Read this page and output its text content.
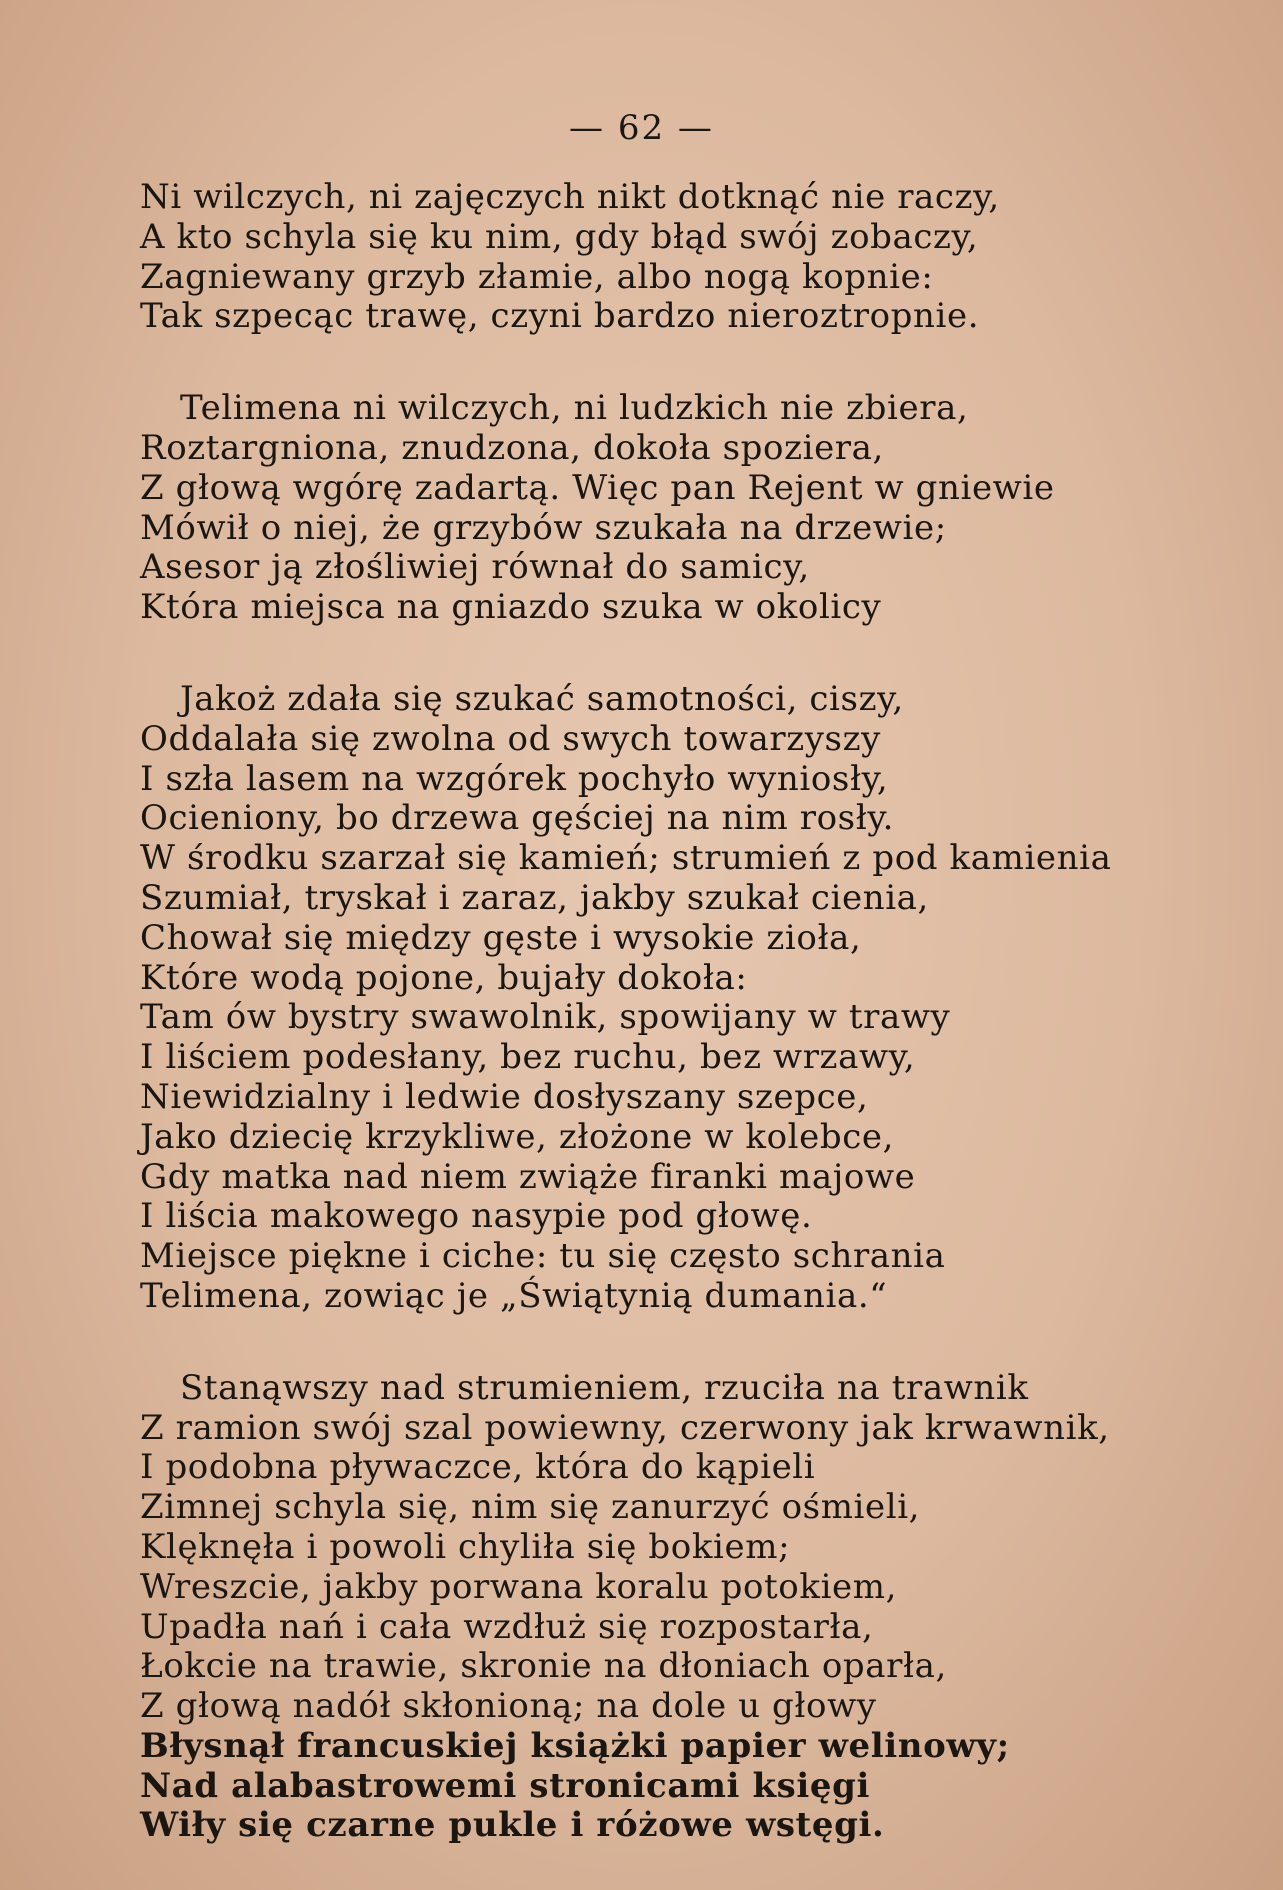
— 62 —
Ni wilczych, ni zajęczych nikt dotknąć nie raczy,
A kto schyla się ku nim, gdy błąd swój zobaczy,
Zagniewany grzyb złamie, albo nogą kopnie:
Tak szpecąc trawę, czyni bardzo nieroztropnie.
Telimena ni wilczych, ni ludzkich nie zbiera,
Roztargniona, znudzona, dokoła spoziera,
Z głową wgórę zadartą. Więc pan Rejent w gniewie
Mówił o niej, że grzybów szukała na drzewie;
Asesor ją złośliwiej równał do samicy,
Która miejsca na gniazdo szuka w okolicy
Jakoż zdała się szukać samotności, ciszy,
Oddalała się zwolna od swych towarzyszy
I szła lasem na wzgórek pochyło wyniosły,
Ocieniony, bo drzewa gęściej na nim rosły.
W środku szarzał się kamień; strumień z pod kamienia
Szumiał, tryskał i zaraz, jakby szukał cienia,
Chował się między gęste i wysokie zioła,
Które wodą pojone, bujały dokoła:
Tam ów bystry swawolnik, spowijany w trawy
I liściem podesłany, bez ruchu, bez wrzawy,
Niewidzialny i ledwie dosłyszany szepce,
Jako dziecię krzykliwe, złożone w kolebce,
Gdy matka nad niem zwiąże firanki majowe
I liścia makowego nasypie pod głowę.
Miejsce piękne i ciche: tu się często schrania
Telimena, zowiąc je „Świątynią dumania.“
Stanąwszy nad strumieniem, rzuciła na trawnik
Z ramion swój szal powiewny, czerwony jak krwawnik,
I podobna pływaczce, która do kąpieli
Zimnej schyla się, nim się zanurzyć ośmieli,
Klęknęła i powoli chyliła się bokiem;
Wreszcie, jakby porwana koralu potokiem,
Upadła nań i cała wzdłuż się rozpostarła,
Łokcie na trawie, skronie na dłoniach oparła,
Z głową nadół skłonioną; na dole u głowy
Błysnął francuskiej książki papier welinowy;
Nad alabastrowemi stronicami księgi
Wiły się czarne pukle i różowe wstęgi.
